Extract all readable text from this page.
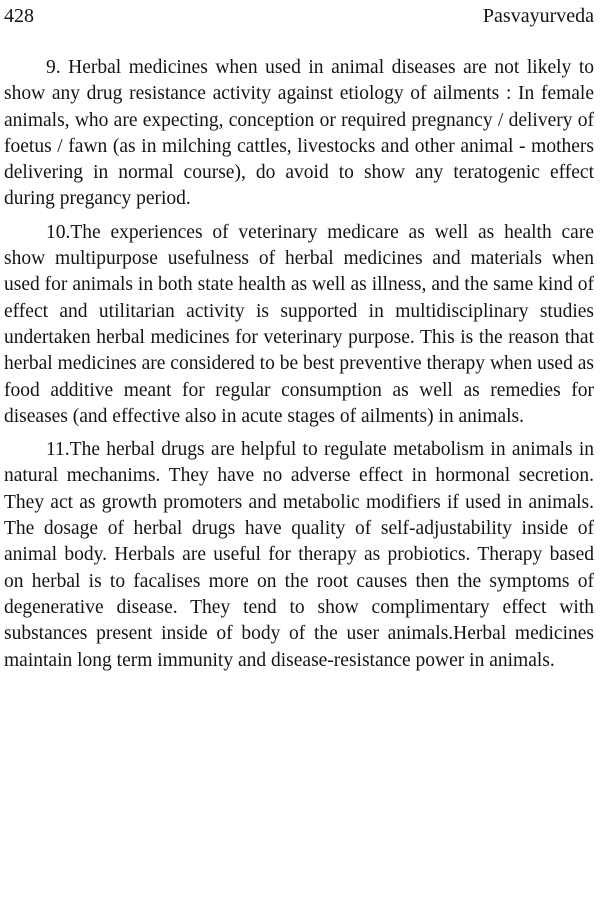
428	Pasvayurveda

9. Herbal medicines when used in animal diseases are not likely to show any drug resistance activity against etiology of ailments : In female animals, who are expecting, conception or required pregnancy / delivery of foetus / fawn (as in milching cattles, livestocks and other animal - mothers delivering in normal course), do avoid to show any teratogenic effect during pregancy period.

10.The experiences of veterinary medicare as well as health care show multipurpose usefulness of herbal medicines and materials when used for animals in both state health as well as illness, and the same kind of effect and utilitarian activity is supported in multidisciplinary studies undertaken herbal medicines for veterinary purpose. This is the reason that herbal medicines are considered to be best preventive therapy when used as food additive meant for regular consumption as well as remedies for diseases (and effective also in acute stages of ailments) in animals.

11.The herbal drugs are helpful to regulate metabolism in animals in natural mechanims. They have no adverse effect in hormonal secretion. They act as growth promoters and metabolic modifiers if used in animals. The dosage of herbal drugs have quality of self-adjustability inside of animal body. Herbals are useful for therapy as probiotics. Therapy based on herbal is to facalises more on the root causes then the symptoms of degenerative disease. They tend to show complimentary effect with substances present inside of body of the user animals.Herbal medicines maintain long term immunity and disease-resistance power in animals.
